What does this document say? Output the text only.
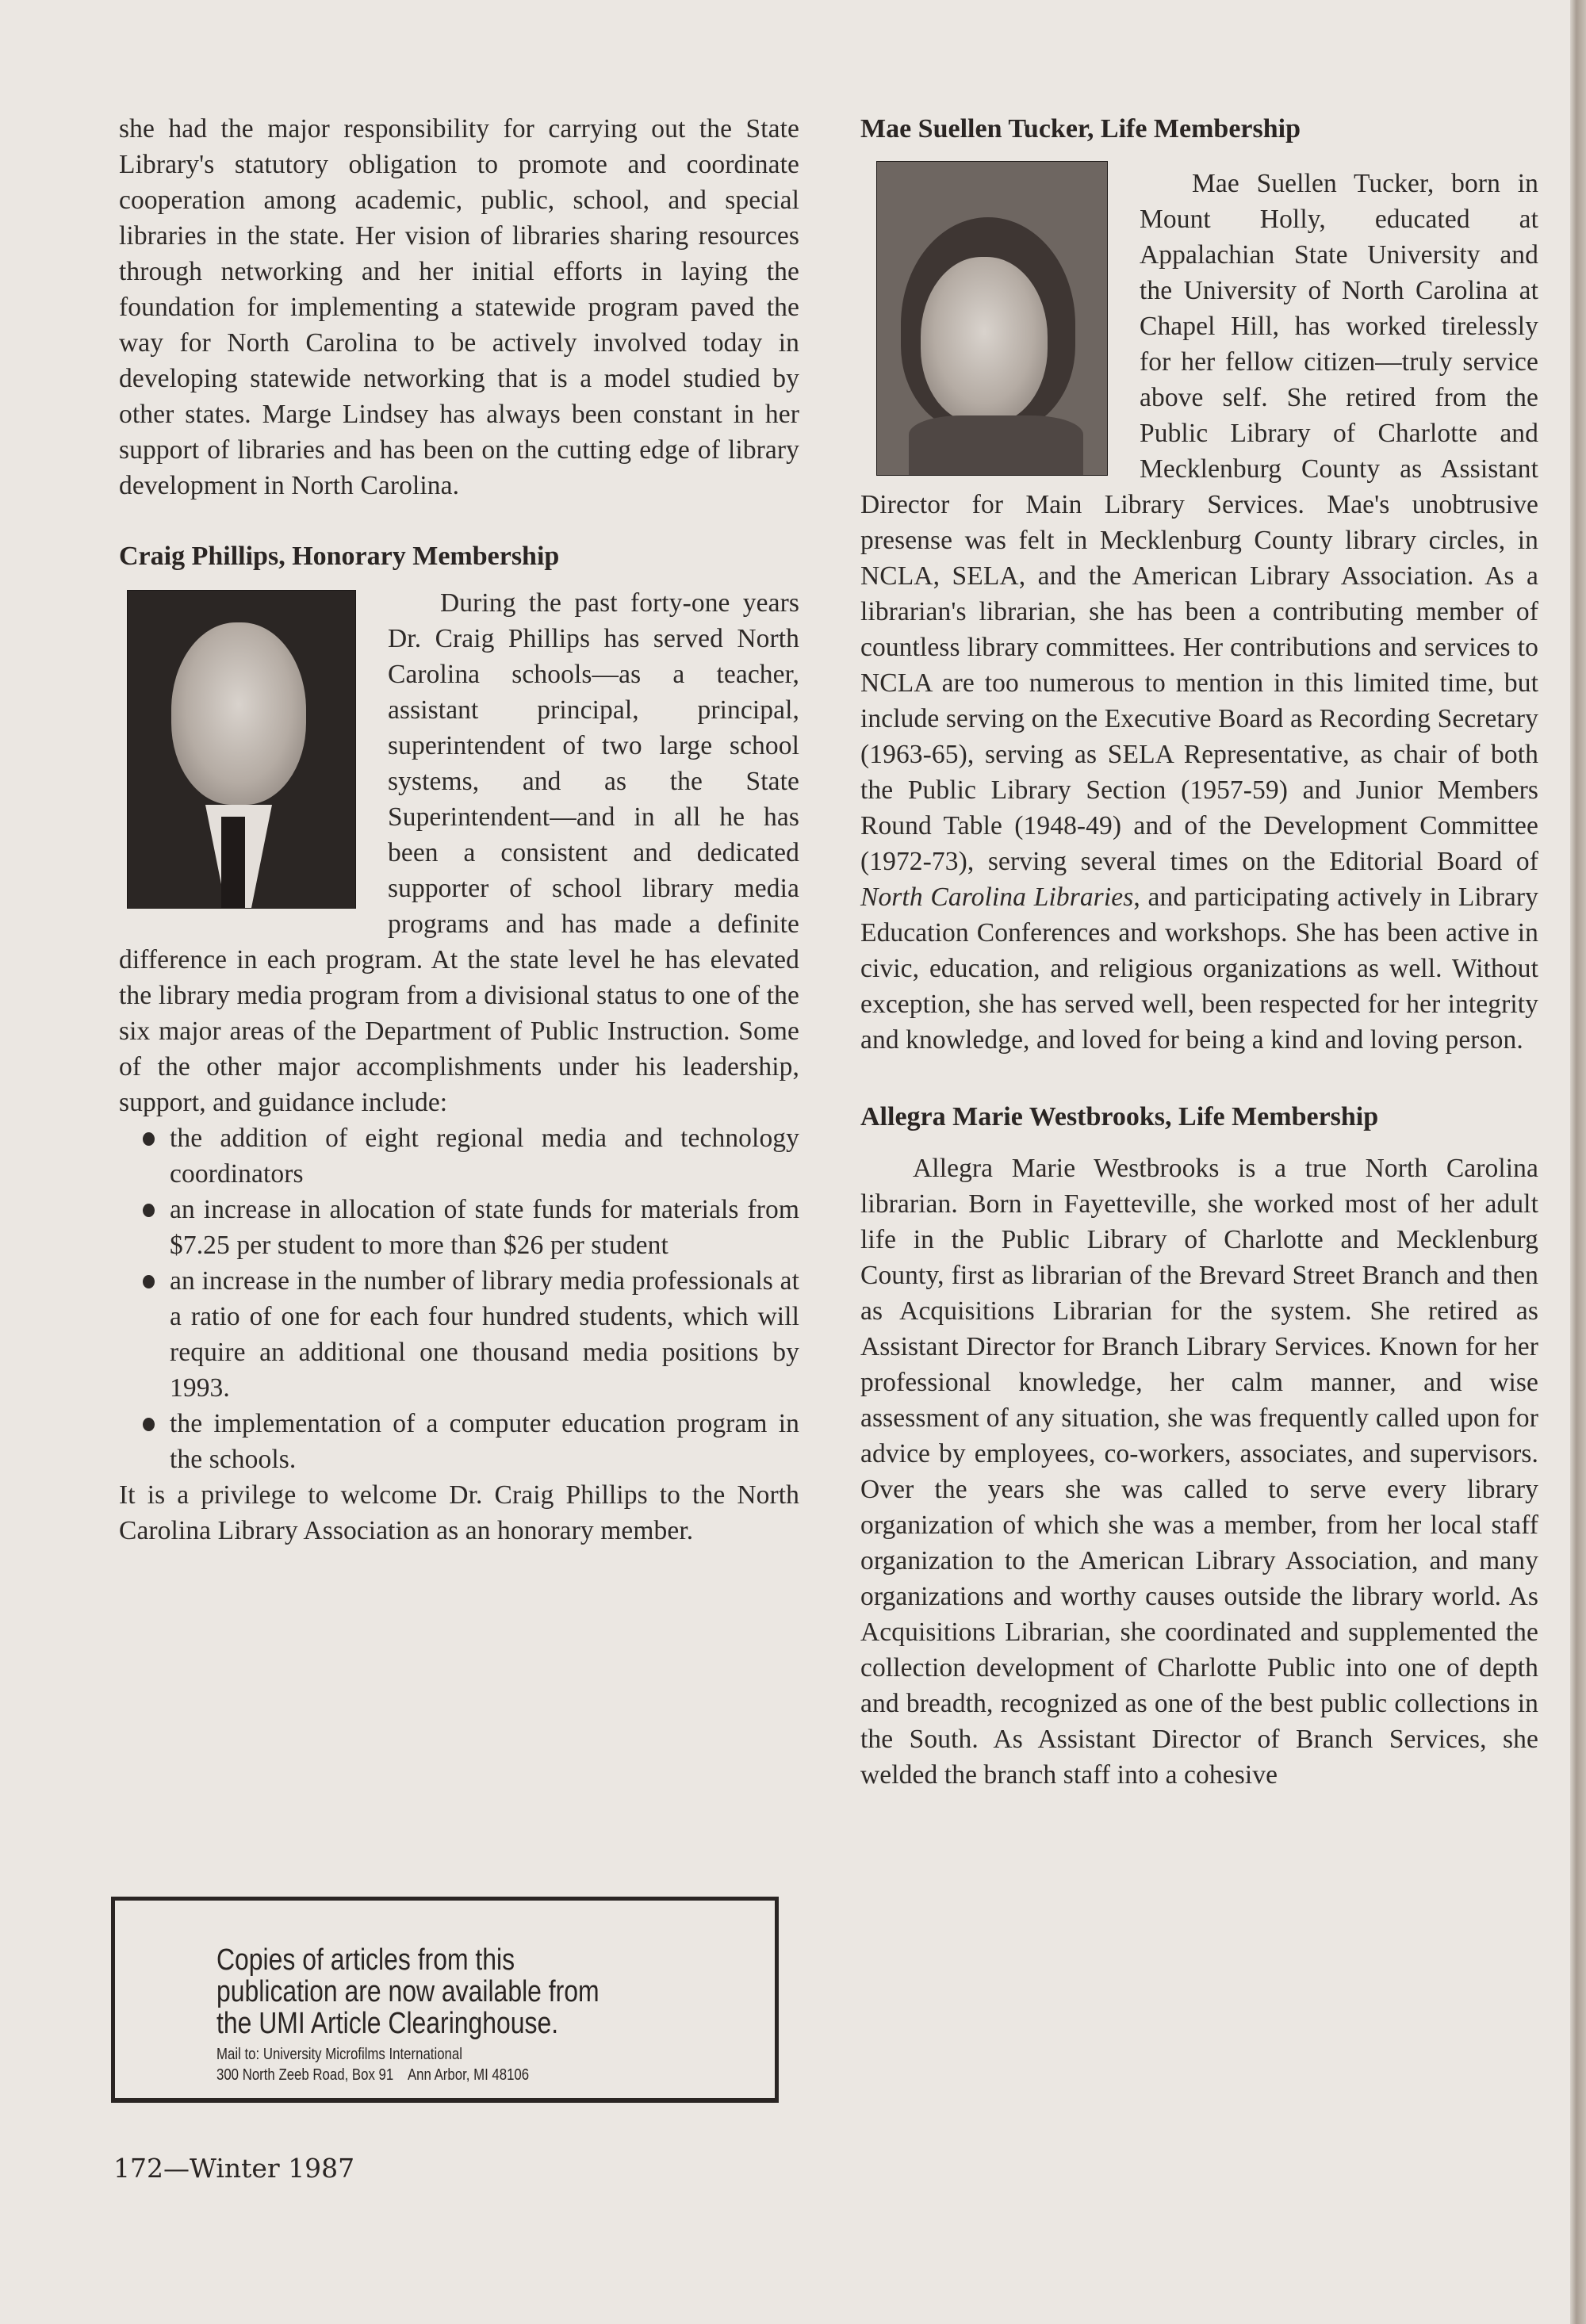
she had the major responsibility for carrying out the State Library's statutory obligation to promote and coordinate cooperation among academic, public, school, and special libraries in the state. Her vision of libraries sharing resources through networking and her initial efforts in laying the foundation for implementing a statewide program paved the way for North Carolina to be actively involved today in developing statewide networking that is a model studied by other states. Marge Lindsey has always been constant in her support of libraries and has been on the cutting edge of library development in North Carolina.

Craig Phillips, Honorary Membership

During the past forty-one years Dr. Craig Phillips has served North Carolina schools—as a teacher, assistant principal, principal, superintendent of two large school systems, and as the State Superintendent—and in all he has been a consistent and dedicated supporter of school library media programs and has made a definite difference in each program. At the state level he has elevated the library media program from a divisional status to one of the six major areas of the Department of Public Instruction. Some of the other major accomplishments under his leadership, support, and guidance include:

the addition of eight regional media and technology coordinators
an increase in allocation of state funds for materials from $7.25 per student to more than $26 per student
an increase in the number of library media professionals at a ratio of one for each four hundred students, which will require an additional one thousand media positions by 1993.
the implementation of a computer education program in the schools.

It is a privilege to welcome Dr. Craig Phillips to the North Carolina Library Association as an honorary member.

Copies of articles from this
publication are now available from
the UMI Article Clearinghouse.
Mail to: University Microfilms International
300 North Zeeb Road, Box 91    Ann Arbor, MI 48106
Mae Suellen Tucker, Life Membership

Mae Suellen Tucker, born in Mount Holly, educated at Appalachian State University and the University of North Carolina at Chapel Hill, has worked tirelessly for her fellow citizen—truly service above self. She retired from the Public Library of Charlotte and Mecklenburg County as Assistant Director for Main Library Services. Mae's unobtrusive presense was felt in Mecklenburg County library circles, in NCLA, SELA, and the American Library Association. As a librarian's librarian, she has been a contributing member of countless library committees. Her contributions and services to NCLA are too numerous to mention in this limited time, but include serving on the Executive Board as Recording Secretary (1963-65), serving as SELA Representative, as chair of both the Public Library Section (1957-59) and Junior Members Round Table (1948-49) and of the Development Committee (1972-73), serving several times on the Editorial Board of North Carolina Libraries, and participating actively in Library Education Conferences and workshops. She has been active in civic, education, and religious organizations as well. Without exception, she has served well, been respected for her integrity and knowledge, and loved for being a kind and loving person.

Allegra Marie Westbrooks, Life Membership

Allegra Marie Westbrooks is a true North Carolina librarian. Born in Fayetteville, she worked most of her adult life in the Public Library of Charlotte and Mecklenburg County, first as librarian of the Brevard Street Branch and then as Acquisitions Librarian for the system. She retired as Assistant Director for Branch Library Services. Known for her professional knowledge, her calm manner, and wise assessment of any situation, she was frequently called upon for advice by employees, co-workers, associates, and supervisors. Over the years she was called to serve every library organization of which she was a member, from her local staff organization to the American Library Association, and many organizations and worthy causes outside the library world. As Acquisitions Librarian, she coordinated and supplemented the collection development of Charlotte Public into one of depth and breadth, recognized as one of the best public collections in the South. As Assistant Director of Branch Services, she welded the branch staff into a cohesive

172—Winter 1987
